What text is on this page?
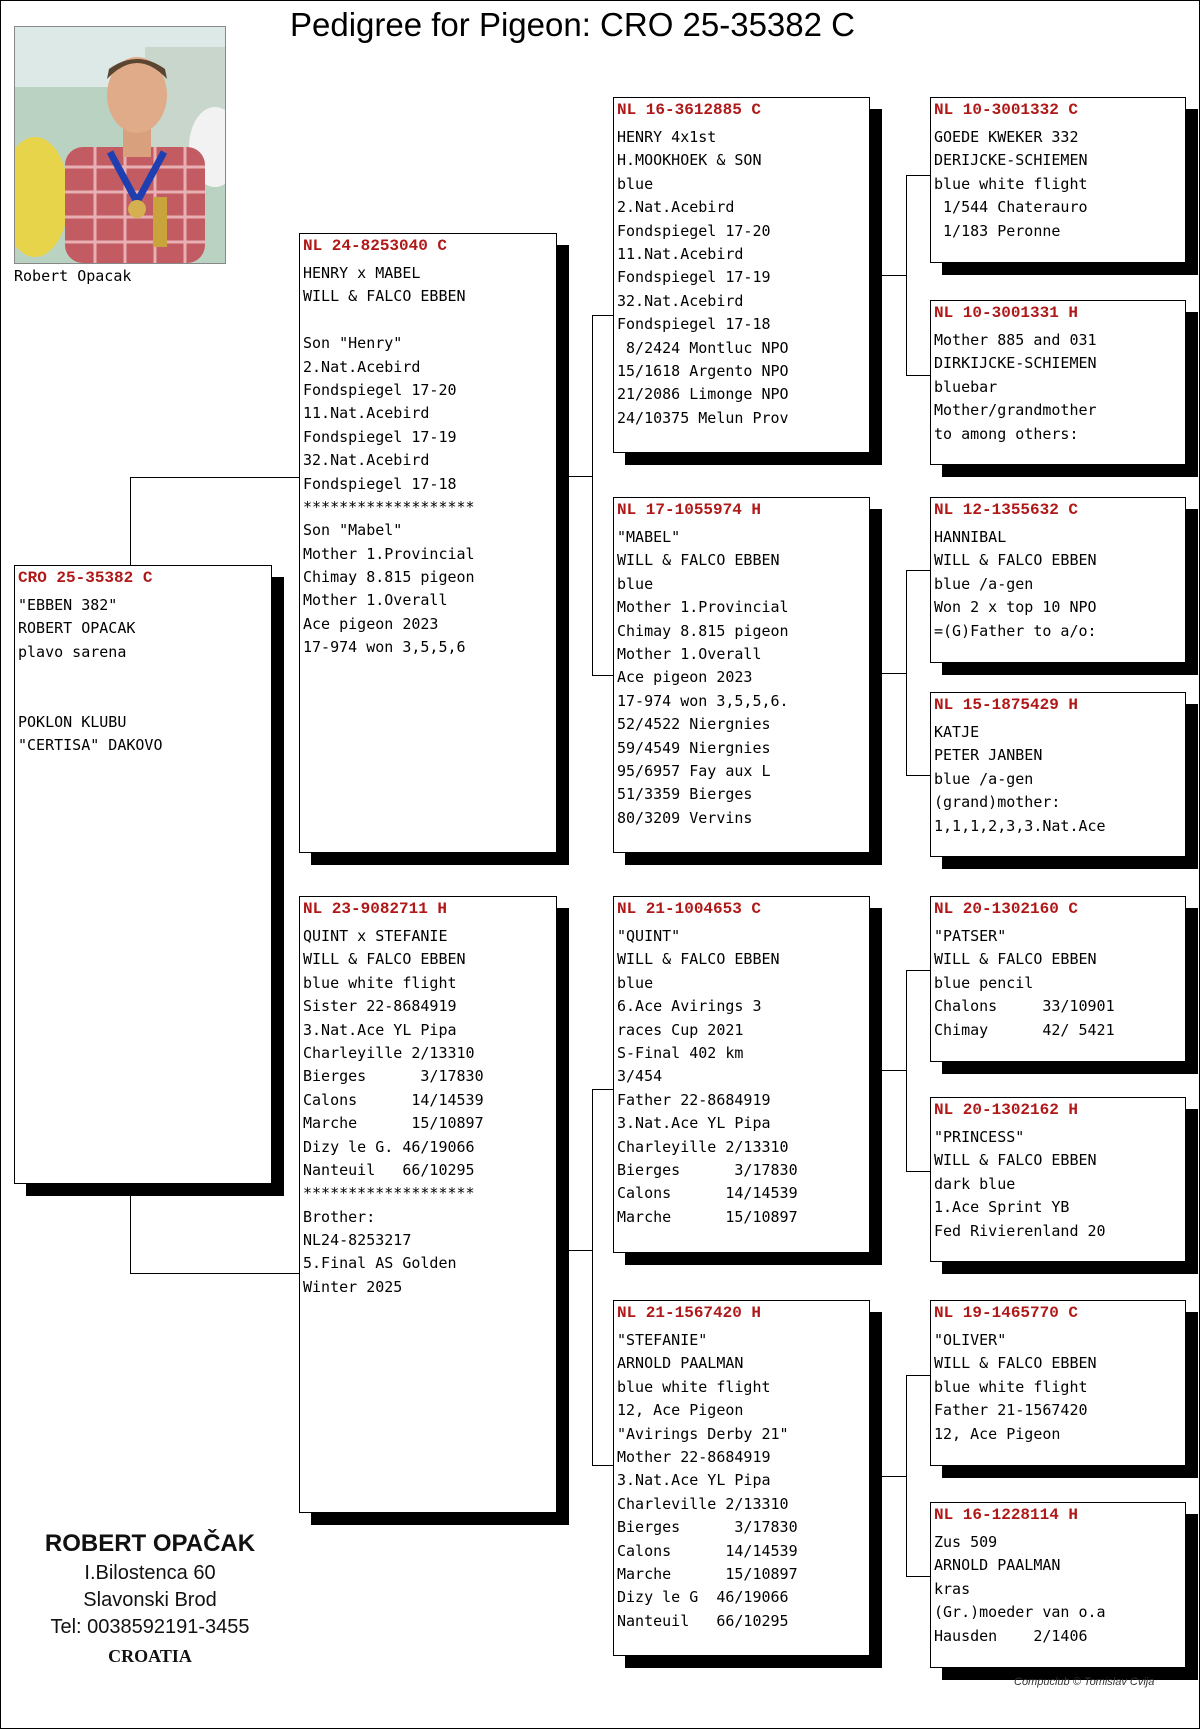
Pedigree for Pigeon: CRO 25-35382 C
Robert Opacak
CRO 25-35382 C
"EBBEN 382"
ROBERT OPACAK
plavo sarena
POKLON KLUBU
"CERTISA" DAKOVO
NL 24-8253040 C
HENRY x MABEL
WILL & FALCO EBBEN
Son "Henry"
2.Nat.Acebird
Fondspiegel 17-20
11.Nat.Acebird
Fondspiegel 17-19
32.Nat.Acebird
Fondspiegel 17-18
*******************
Son "Mabel"
Mother 1.Provincial
Chimay 8.815 pigeon
Mother 1.Overall
Ace pigeon 2023
17-974 won 3,5,5,6
NL 23-9082711 H
QUINT x STEFANIE
WILL & FALCO EBBEN
blue white flight
Sister 22-8684919
3.Nat.Ace YL Pipa
Charleyille 2/13310
Bierges      3/17830
Calons      14/14539
Marche      15/10897
Dizy le G. 46/19066
Nanteuil   66/10295
*******************
Brother:
NL24-8253217
5.Final AS Golden
Winter 2025
NL 16-3612885 C
HENRY 4x1st
H.MOOKHOEK & SON
blue
2.Nat.Acebird
Fondspiegel 17-20
11.Nat.Acebird
Fondspiegel 17-19
32.Nat.Acebird
Fondspiegel 17-18
8/2424 Montluc NPO
15/1618 Argento NPO
21/2086 Limonge NPO
24/10375 Melun Prov
NL 17-1055974 H
"MABEL"
WILL & FALCO EBBEN
blue
Mother 1.Provincial
Chimay 8.815 pigeon
Mother 1.Overall
Ace pigeon 2023
17-974 won 3,5,5,6.
52/4522 Niergnies
59/4549 Niergnies
95/6957 Fay aux L
51/3359 Bierges
80/3209 Vervins
NL 21-1004653 C
"QUINT"
WILL & FALCO EBBEN
blue
6.Ace Avirings 3
races Cup 2021
S-Final 402 km
3/454
Father 22-8684919
3.Nat.Ace YL Pipa
Charleyille 2/13310
Bierges      3/17830
Calons      14/14539
Marche      15/10897
NL 21-1567420 H
"STEFANIE"
ARNOLD PAALMAN
blue white flight
12, Ace Pigeon
"Avirings Derby 21"
Mother 22-8684919
3.Nat.Ace YL Pipa
Charleville 2/13310
Bierges      3/17830
Calons      14/14539
Marche      15/10897
Dizy le G  46/19066
Nanteuil   66/10295
NL 10-3001332 C
GOEDE KWEKER 332
DERIJCKE-SCHIEMEN
blue white flight
1/544 Chaterauro
1/183 Peronne
NL 10-3001331 H
Mother 885 and 031
DIRKIJCKE-SCHIEMEN
bluebar
Mother/grandmother
to among others:
NL 12-1355632 C
HANNIBAL
WILL & FALCO EBBEN
blue /a-gen
Won 2 x top 10 NPO
=(G)Father to a/o:
NL 15-1875429 H
KATJE
PETER JANBEN
blue /a-gen
(grand)mother:
1,1,1,2,3,3.Nat.Ace
NL 20-1302160 C
"PATSER"
WILL & FALCO EBBEN
blue pencil
Chalons     33/10901
Chimay      42/ 5421
NL 20-1302162 H
"PRINCESS"
WILL & FALCO EBBEN
dark blue
1.Ace Sprint YB
Fed Rivierenland 20
NL 19-1465770 C
"OLIVER"
WILL & FALCO EBBEN
blue white flight
Father 21-1567420
12, Ace Pigeon
NL 16-1228114 H
Zus 509
ARNOLD PAALMAN
kras
(Gr.)moeder van o.a
Hausden    2/1406
ROBERT OPAČAK
I.Bilostenca 60
Slavonski Brod
Tel: 0038592191-3455
CROATIA
Compuclub © Tomislav Cvija
